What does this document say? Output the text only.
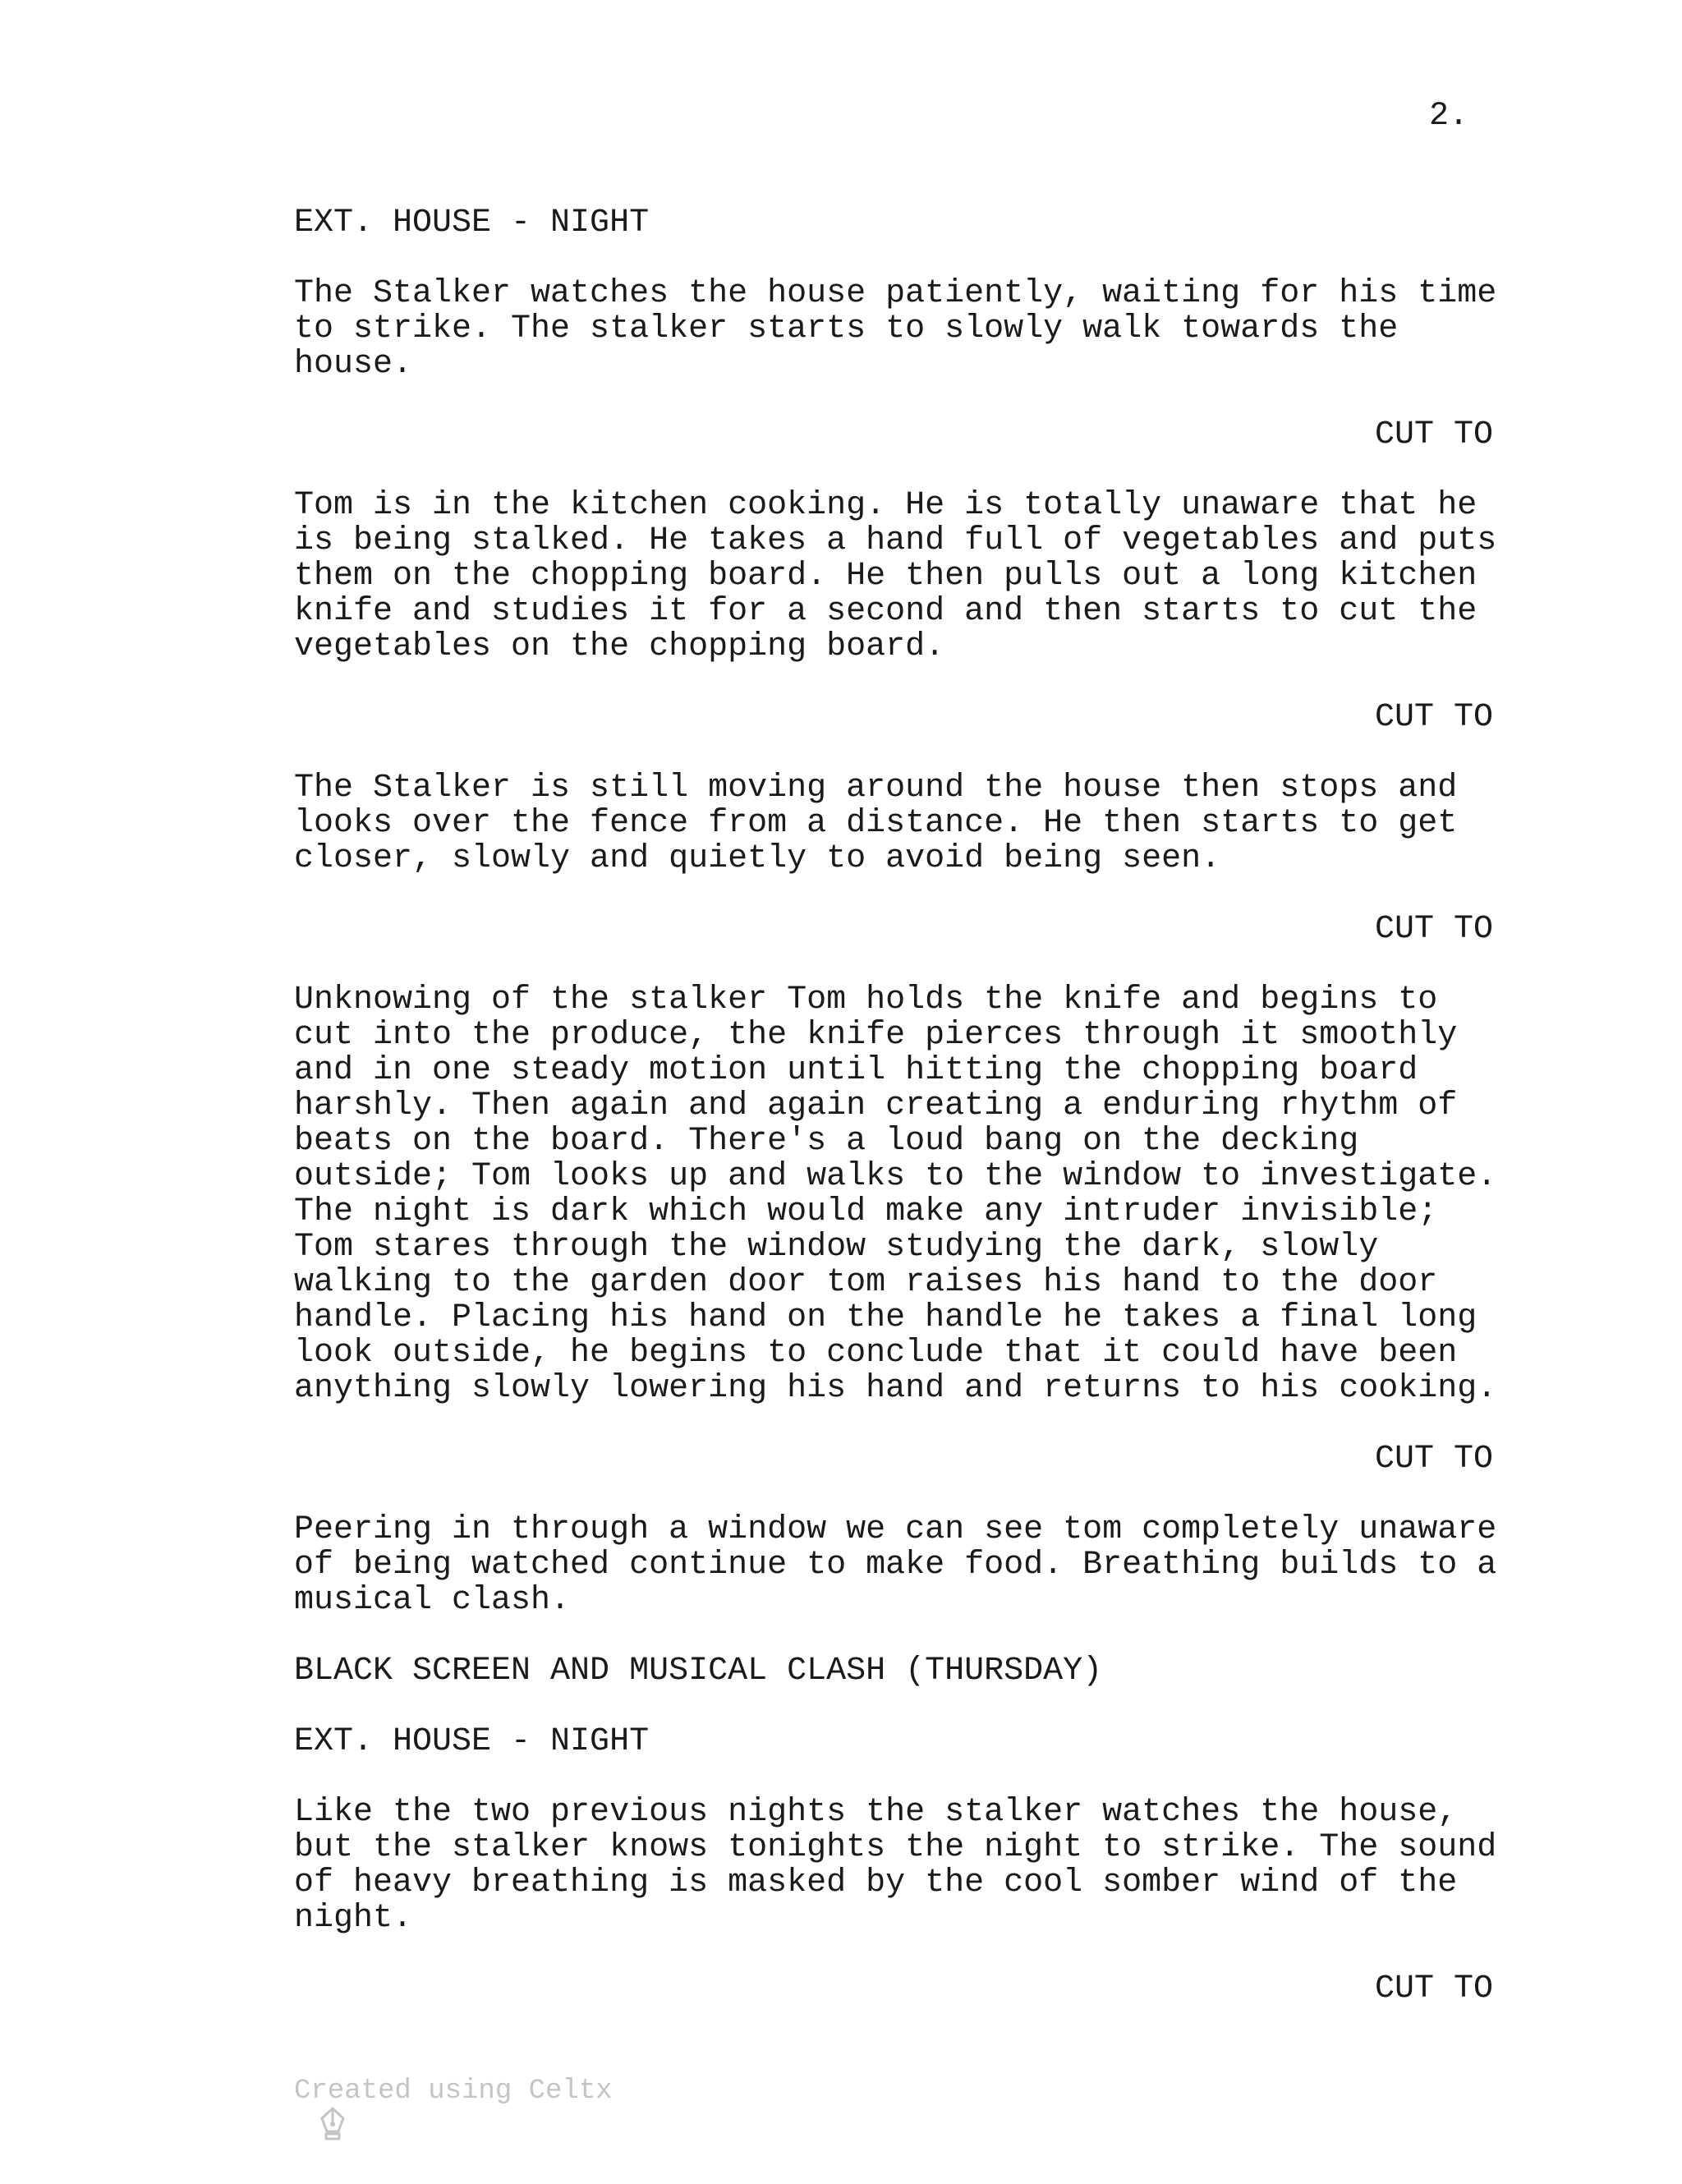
2.
EXT. HOUSE - NIGHT
The Stalker watches the house patiently, waiting for his time
to strike. The stalker starts to slowly walk towards the
house.
CUT TO
Tom is in the kitchen cooking. He is totally unaware that he
is being stalked. He takes a hand full of vegetables and puts
them on the chopping board. He then pulls out a long kitchen
knife and studies it for a second and then starts to cut the
vegetables on the chopping board.
CUT TO
The Stalker is still moving around the house then stops and
looks over the fence from a distance. He then starts to get
closer, slowly and quietly to avoid being seen.
CUT TO
Unknowing of the stalker Tom holds the knife and begins to
cut into the produce, the knife pierces through it smoothly
and in one steady motion until hitting the chopping board
harshly. Then again and again creating a enduring rhythm of
beats on the board. There's a loud bang on the decking
outside; Tom looks up and walks to the window to investigate.
The night is dark which would make any intruder invisible;
Tom stares through the window studying the dark, slowly
walking to the garden door tom raises his hand to the door
handle. Placing his hand on the handle he takes a final long
look outside, he begins to conclude that it could have been
anything slowly lowering his hand and returns to his cooking.
CUT TO
Peering in through a window we can see tom completely unaware
of being watched continue to make food. Breathing builds to a
musical clash.
BLACK SCREEN AND MUSICAL CLASH (THURSDAY)
EXT. HOUSE - NIGHT
Like the two previous nights the stalker watches the house,
but the stalker knows tonights the night to strike. The sound
of heavy breathing is masked by the cool somber wind of the
night.
CUT TO

Created using Celtx
